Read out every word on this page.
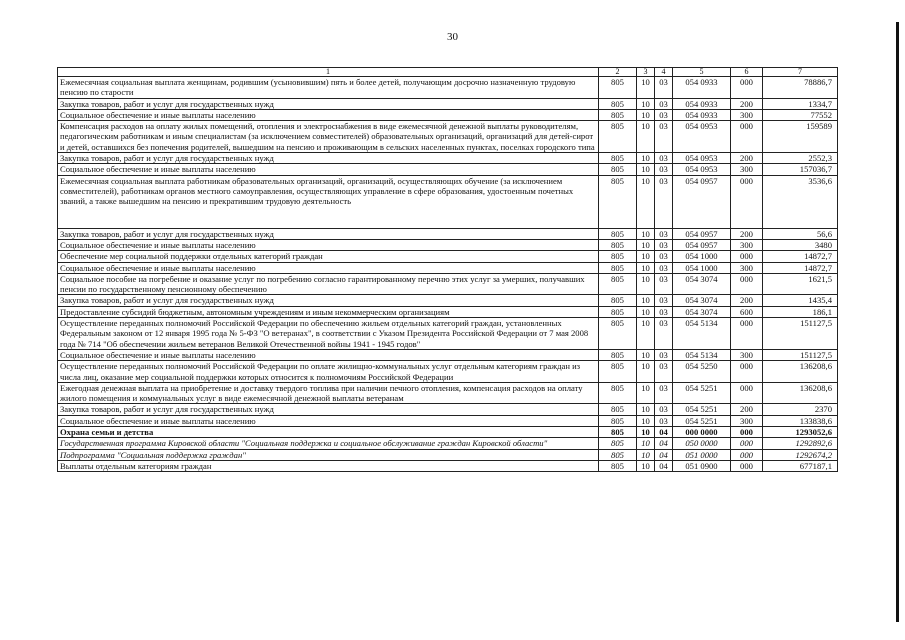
30
1	2	3	4	5	6	7
Ежемесячная социальная выплата женщинам, родившим (усыновившим) пять и более детей, получающим досрочно назначенную трудовую пенсию по старости	805	10	03	054 0933	000	78886,7
Закупка товаров, работ и услуг для государственных нужд	805	10	03	054 0933	200	1334,7
Социальное обеспечение и иные выплаты населению	805	10	03	054 0933	300	77552
Компенсация расходов на оплату жилых помещений, отопления и электроснабжения в виде ежемесячной денежной выплаты руководителям, педагогическим работникам и иным специалистам (за исключением совместителей) образовательных организаций, организаций для детей-сирот и детей, оставшихся без попечения родителей, вышедшим на пенсию и проживающим в сельских населенных пунктах, поселках городского типа	805	10	03	054 0953	000	159589
Закупка товаров, работ и услуг для государственных нужд	805	10	03	054 0953	200	2552,3
Социальное обеспечение и иные выплаты населению	805	10	03	054 0953	300	157036,7
Ежемесячная социальная выплата работникам образовательных организаций, организаций, осуществляющих обучение (за исключением совместителей), работникам органов местного самоуправления, осуществляющих управление в сфере образования, удостоенным почетных званий, а также вышедшим на пенсию и прекратившим трудовую деятельность	805	10	03	054 0957	000	3536,6
Закупка товаров, работ и услуг для государственных нужд	805	10	03	054 0957	200	56,6
Социальное обеспечение и иные выплаты населению	805	10	03	054 0957	300	3480
Обеспечение мер социальной поддержки отдельных категорий граждан	805	10	03	054 1000	000	14872,7
Социальное обеспечение и иные выплаты населению	805	10	03	054 1000	300	14872,7
Социальное пособие на погребение и оказание услуг по погребению согласно гарантированному перечню этих услуг за умерших, получавших пенсии по государственному пенсионному обеспечению	805	10	03	054 3074	000	1621,5
Закупка товаров, работ и услуг для государственных нужд	805	10	03	054 3074	200	1435,4
Предоставление субсидий бюджетным, автономным учреждениям и иным некоммерческим организациям	805	10	03	054 3074	600	186,1
Осуществление переданных полномочий Российской Федерации по обеспечению жильем отдельных категорий граждан, установленных Федеральным законом от 12 января 1995 года № 5-ФЗ "О ветеранах", в соответствии с Указом Президента Российской Федерации от 7 мая 2008 года № 714 "Об обеспечении жильем ветеранов Великой Отечественной войны 1941 - 1945 годов"	805	10	03	054 5134	000	151127,5
Социальное обеспечение и иные выплаты населению	805	10	03	054 5134	300	151127,5
Осуществление переданных полномочий Российской Федерации по оплате жилищно-коммунальных услуг отдельным категориям граждан из числа лиц, оказание мер социальной поддержки которых относится к полномочиям Российской Федерации	805	10	03	054 5250	000	136208,6
Ежегодная денежная выплата на приобретение и доставку твердого топлива при наличии печного отопления, компенсация расходов на оплату жилого помещения и коммунальных услуг в виде ежемесячной денежной выплаты ветеранам	805	10	03	054 5251	000	136208,6
Закупка товаров, работ и услуг для государственных нужд	805	10	03	054 5251	200	2370
Социальное обеспечение и иные выплаты населению	805	10	03	054 5251	300	133838,6
Охрана семьи и детства	805	10	04	000 0000	000	1293052,6
Государственная программа Кировской области "Социальная поддержка и социальное обслуживание граждан Кировской области"	805	10	04	050 0000	000	1292892,6
Подпрограмма "Социальная поддержка граждан"	805	10	04	051 0000	000	1292674,2
Выплаты отдельным категориям граждан	805	10	04	051 0900	000	677187,1
